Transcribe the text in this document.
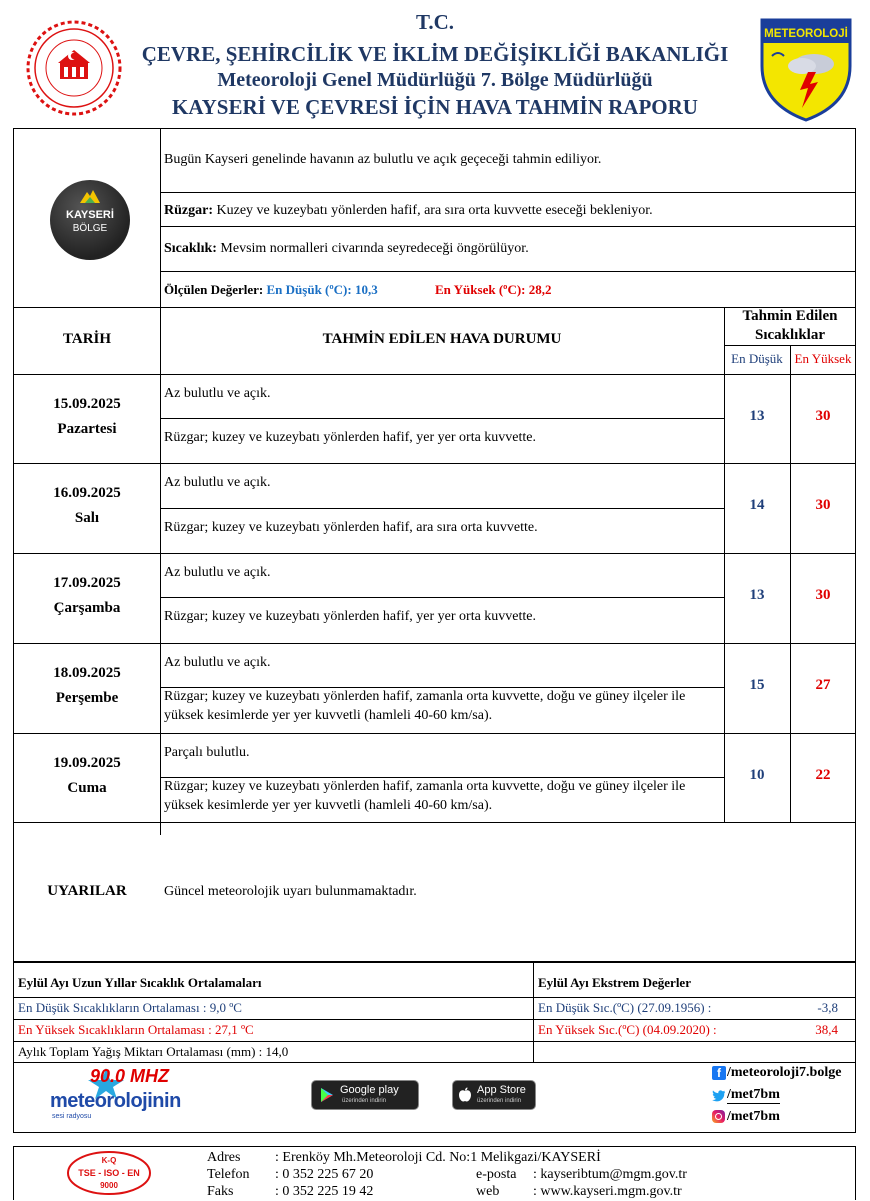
T.C.
ÇEVRE, ŞEHİRCİLİK VE İKLİM DEĞİŞİKLİĞİ BAKANLIĞI
Meteoroloji Genel Müdürlüğü 7. Bölge Müdürlüğü
KAYSERİ VE ÇEVRESİ İÇİN HAVA TAHMİN RAPORU
METEOROLOJİ
KAYSERİ
BÖLGE
Bugün Kayseri genelinde havanın az bulutlu ve açık geçeceği tahmin ediliyor.
Rüzgar: Kuzey ve kuzeybatı yönlerden hafif, ara sıra orta kuvvette eseceği bekleniyor.
Sıcaklık: Mevsim normalleri civarında seyredeceği öngörülüyor.
Ölçülen Değerler: En Düşük (ºC): 10,3	En Yüksek (ºC): 28,2
TARİH	TAHMİN EDİLEN HAVA DURUMU
Tahmin Edilen
Sıcaklıklar
En Düşük En Yüksek
15.09.2025
Pazartesi
Az bulutlu ve açık.
Rüzgar; kuzey ve kuzeybatı yönlerden hafif, yer yer orta kuvvette.
13	30
16.09.2025
Salı
Az bulutlu ve açık.
Rüzgar; kuzey ve kuzeybatı yönlerden hafif, ara sıra orta kuvvette.
14	30
17.09.2025
Çarşamba
Az bulutlu ve açık.
Rüzgar; kuzey ve kuzeybatı yönlerden hafif, yer yer orta kuvvette.
13	30
18.09.2025
Perşembe
Az bulutlu ve açık.
Rüzgar; kuzey ve kuzeybatı yönlerden hafif, zamanla orta kuvvette, doğu ve güney ilçeler ile
yüksek kesimlerde yer yer kuvvetli (hamleli 40-60 km/sa).
15	27
19.09.2025
Cuma
Parçalı bulutlu.
Rüzgar; kuzey ve kuzeybatı yönlerden hafif, zamanla orta kuvvette, doğu ve güney ilçeler ile
yüksek kesimlerde yer yer kuvvetli (hamleli 40-60 km/sa).
10	22
UYARILAR	Güncel meteorolojik uyarı bulunmamaktadır.
Eylül Ayı Uzun Yıllar Sıcaklık Ortalamaları
En Düşük Sıcaklıkların Ortalaması : 9,0 ºC
En Yüksek Sıcaklıkların Ortalaması : 27,1 ºC
Aylık Toplam Yağış Miktarı Ortalaması (mm) : 14,0
Eylül Ayı Ekstrem Değerler
En Düşük Sıc.(ºC) (27.09.1956) :	-3,8
En Yüksek Sıc.(ºC) (04.09.2020) :	38,4
90.0 MHZ
meteorolojinin
sesi radyosu
Google play
üzerinden indirin
App Store
üzerinden indirin
f /meteoroloji7.bolge
/met7bm
/met7bm
K-Q
TSE - ISO - EN
9000
Adres : Erenköy Mh.Meteoroloji Cd. No:1 Melikgazi/KAYSERİ
Telefon : 0 352 225 67 20
Faks	: 0 352 225 19 42
e-posta : kayseribtum@mgm.gov.tr
web : www.kayseri.mgm.gov.tr
